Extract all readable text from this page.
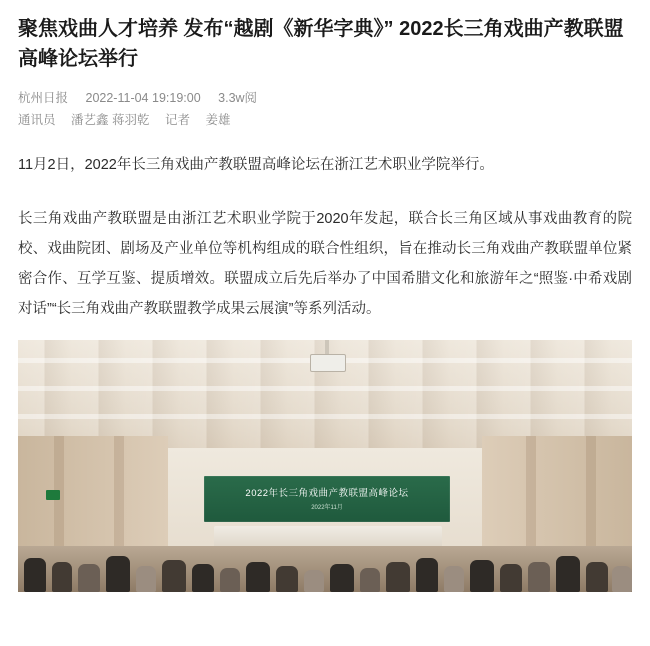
聚焦戏曲人才培养 发布“越剧《新华字典》” 2022长三角戏曲产教联盟高峰论坛举行
杭州日报 2022-11-04 19:19:00 3.3w阅
通讯员 潘艺鑫 蒋羽乾 记者 姜雄

11月2日，2022年长三角戏曲产教联盟高峰论坛在浙江艺术职业学院举行。

长三角戏曲产教联盟是由浙江艺术职业学院于2020年发起，联合长三角区域从事戏曲教育的院校、戏曲院团、剧场及产业单位等机构组成的联合性组织，旨在推动长三角戏曲产教联盟单位紧密合作、互学互鉴、提质增效。联盟成立后先后举办了中国希腊文化和旅游年之“照鉴·中希戏剧对话”“长三角戏曲产教联盟教学成果云展演”等系列活动。

2022年长三角戏曲产教联盟高峰论坛
2022年11月
